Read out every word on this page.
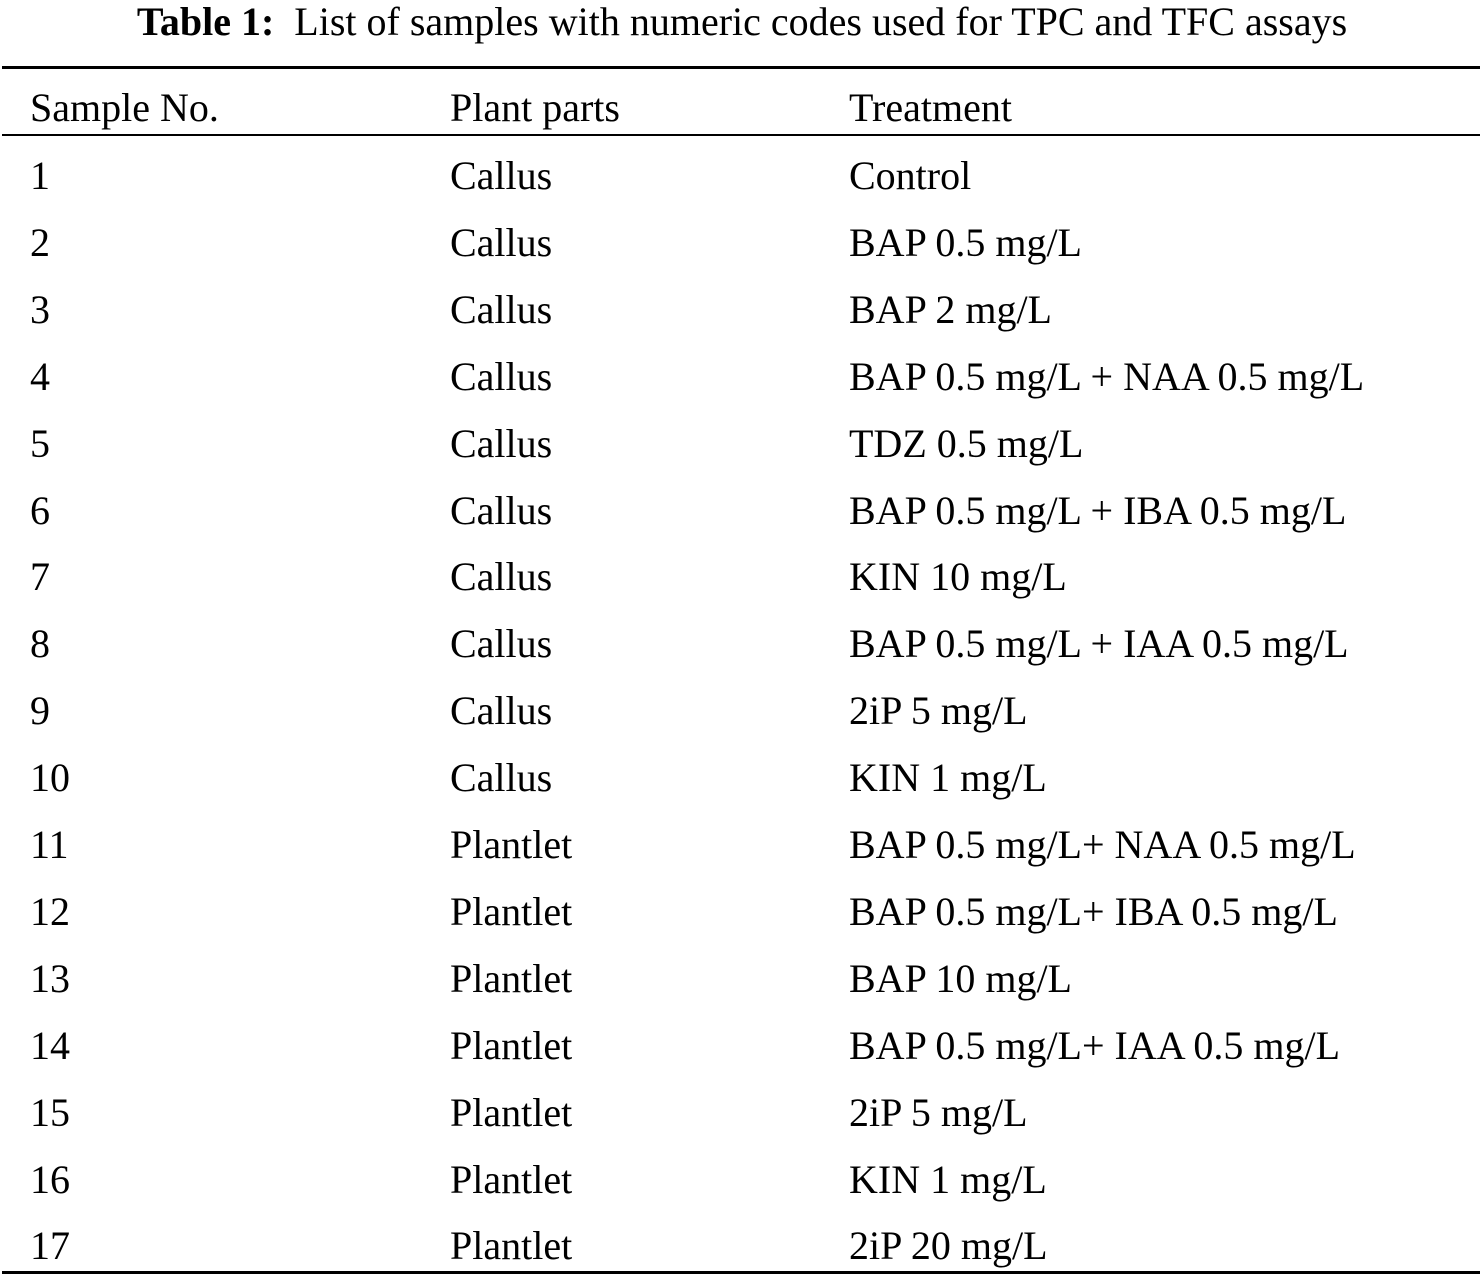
Table 1: List of samples with numeric codes used for TPC and TFC assays
Sample No.	Plant parts	Treatment
1	Callus	Control
2	Callus	BAP 0.5 mg/L
3	Callus	BAP 2 mg/L
4	Callus	BAP 0.5 mg/L + NAA 0.5 mg/L
5	Callus	TDZ 0.5 mg/L
6	Callus	BAP 0.5 mg/L + IBA 0.5 mg/L
7	Callus	KIN 10 mg/L
8	Callus	BAP 0.5 mg/L + IAA 0.5 mg/L
9	Callus	2iP 5 mg/L
10	Callus	KIN 1 mg/L
11	Plantlet	BAP 0.5 mg/L+ NAA 0.5 mg/L
12	Plantlet	BAP 0.5 mg/L+ IBA 0.5 mg/L
13	Plantlet	BAP 10 mg/L
14	Plantlet	BAP 0.5 mg/L+ IAA 0.5 mg/L
15	Plantlet	2iP 5 mg/L
16	Plantlet	KIN 1 mg/L
17	Plantlet	2iP 20 mg/L
